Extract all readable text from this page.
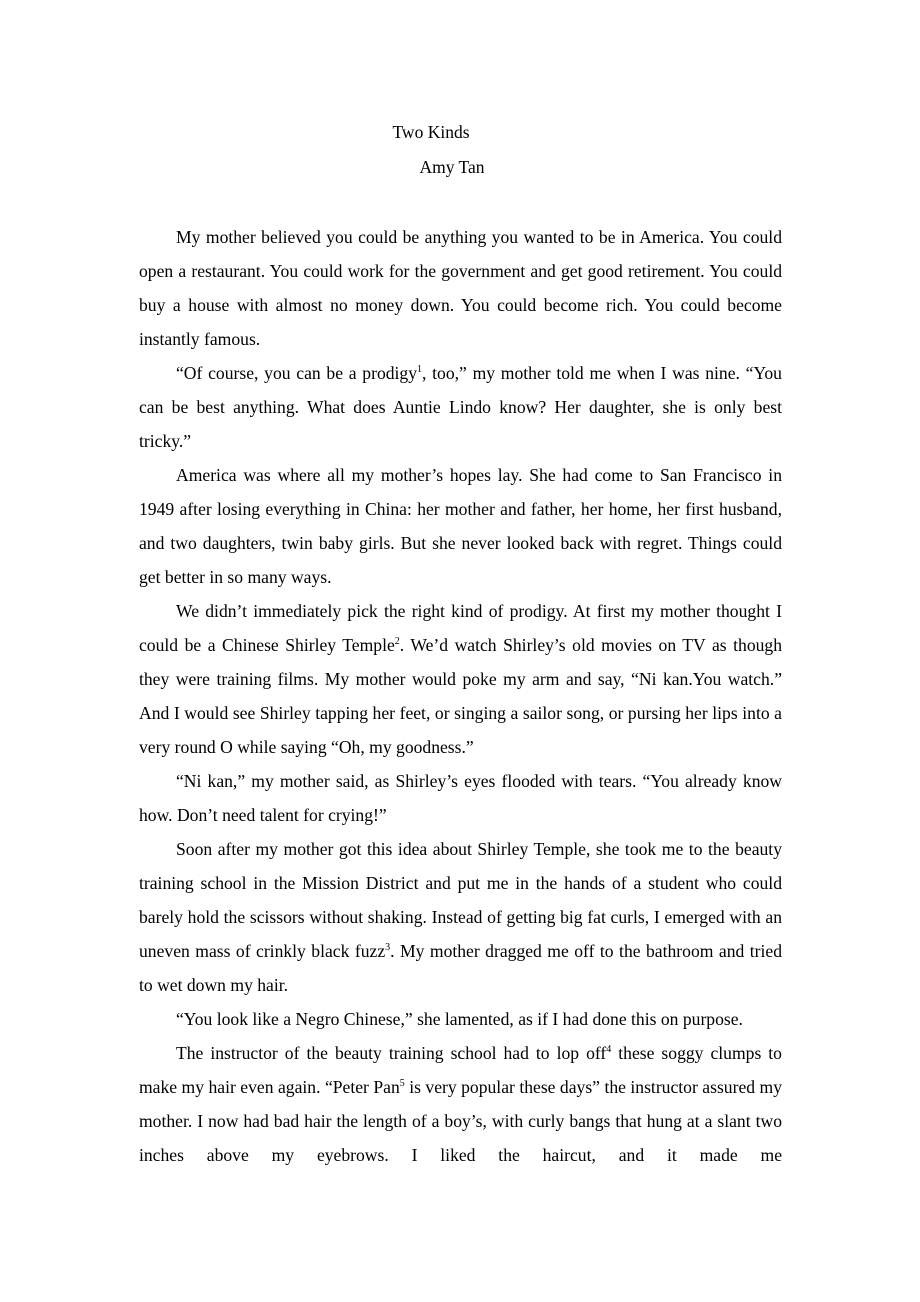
Two Kinds
Amy Tan

My mother believed you could be anything you wanted to be in America. You could open a restaurant. You could work for the government and get good retirement. You could buy a house with almost no money down. You could become rich. You could become instantly famous.

“Of course, you can be a prodigy$^1$, too,” my mother told me when I was nine. “You can be best anything. What does Auntie Lindo know? Her daughter, she is only best tricky.”

America was where all my mother’s hopes lay. She had come to San Francisco in 1949 after losing everything in China: her mother and father, her home, her first husband, and two daughters, twin baby girls. But she never looked back with regret. Things could get better in so many ways.

We didn’t immediately pick the right kind of prodigy. At first my mother thought I could be a Chinese Shirley Temple$^2$. We’d watch Shirley’s old movies on TV as though they were training films. My mother would poke my arm and say, “Ni kan.You watch.” And I would see Shirley tapping her feet, or singing a sailor song, or pursing her lips into a very round O while saying “Oh, my goodness.”

“Ni kan,” my mother said, as Shirley’s eyes flooded with tears. “You already know how. Don’t need talent for crying!”

Soon after my mother got this idea about Shirley Temple, she took me to the beauty training school in the Mission District and put me in the hands of a student who could barely hold the scissors without shaking. Instead of getting big fat curls, I emerged with an uneven mass of crinkly black fuzz$^3$. My mother dragged me off to the bathroom and tried to wet down my hair.

“You look like a Negro Chinese,” she lamented, as if I had done this on purpose.

The instructor of the beauty training school had to lop off$^4$ these soggy clumps to make my hair even again. “Peter Pan$^5$ is very popular these days” the instructor assured my mother. I now had bad hair the length of a boy’s, with curly bangs that hung at a slant two inches above my eyebrows. I liked the haircut, and it made me
